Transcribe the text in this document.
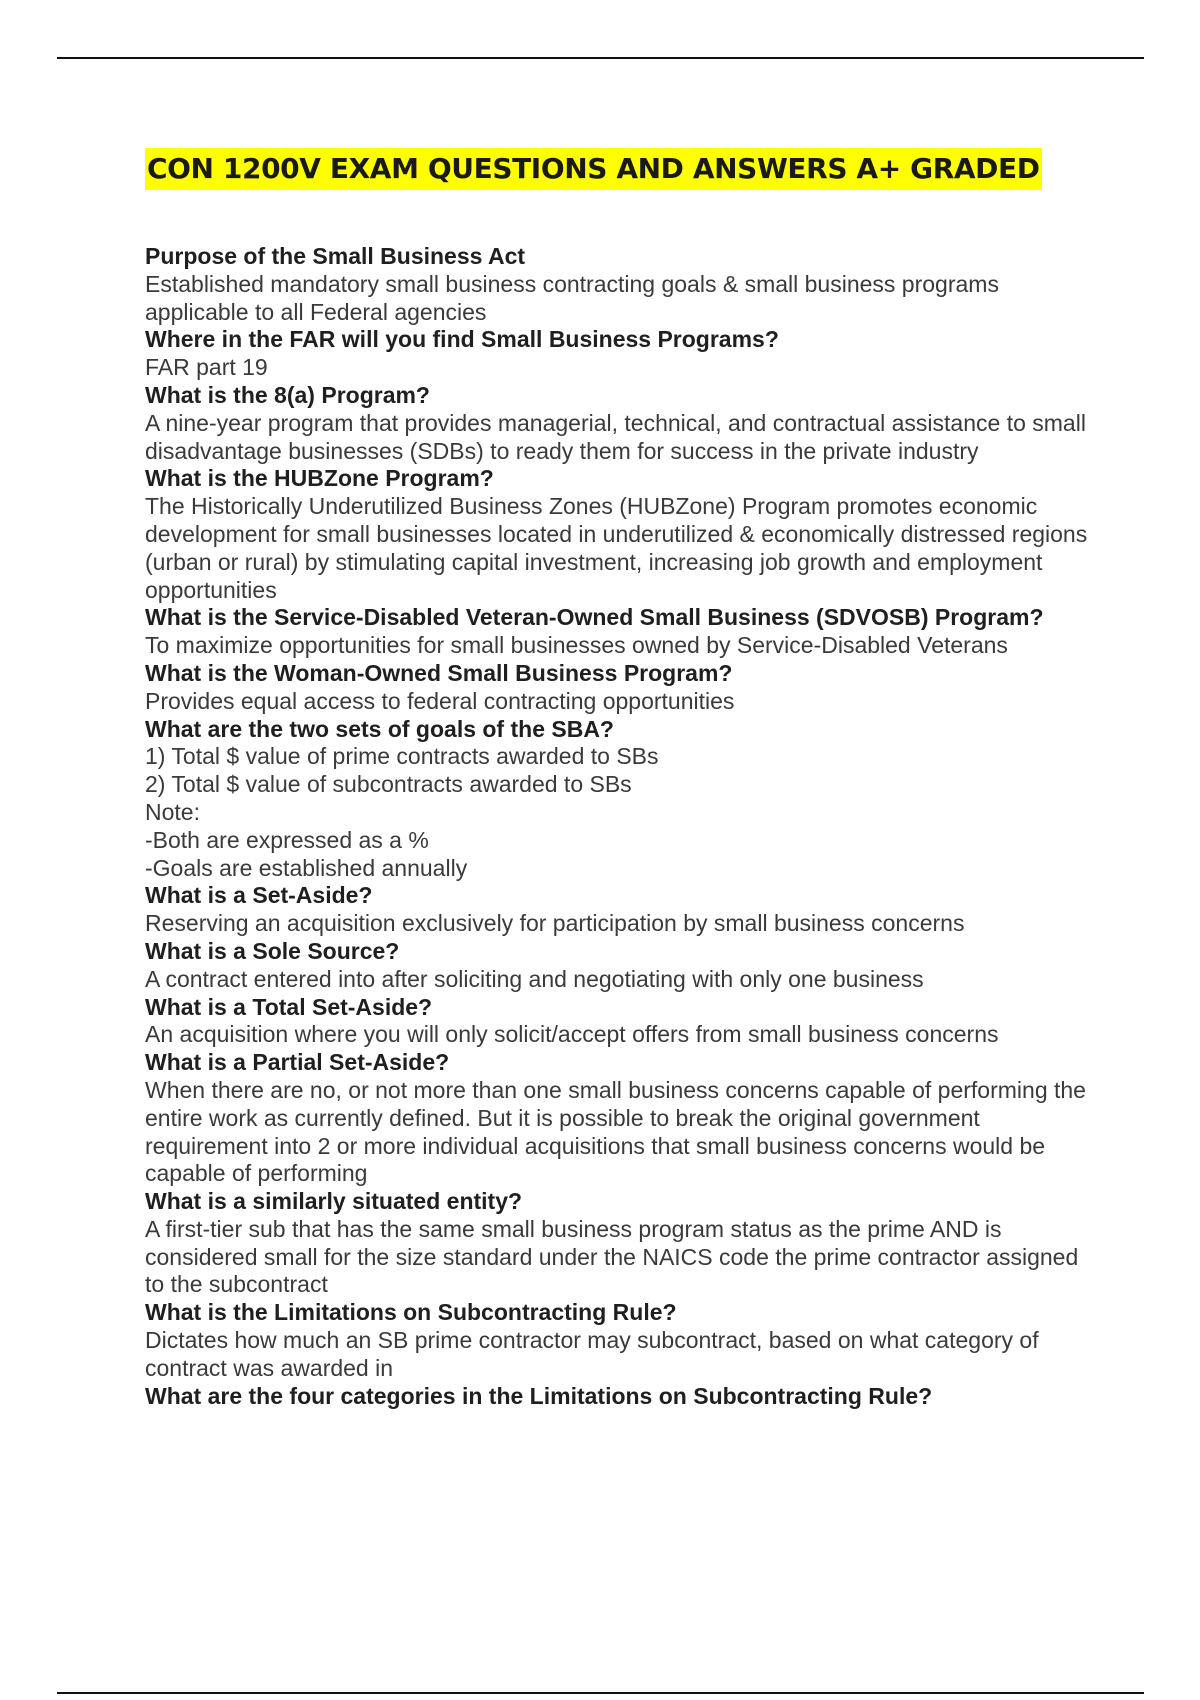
CON 1200V EXAM QUESTIONS AND ANSWERS A+ GRADED
Purpose of the Small Business Act
Established mandatory small business contracting goals & small business programs applicable to all Federal agencies
Where in the FAR will you find Small Business Programs?
FAR part 19
What is the 8(a) Program?
A nine-year program that provides managerial, technical, and contractual assistance to small disadvantage businesses (SDBs) to ready them for success in the private industry
What is the HUBZone Program?
The Historically Underutilized Business Zones (HUBZone) Program promotes economic development for small businesses located in underutilized & economically distressed regions (urban or rural) by stimulating capital investment, increasing job growth and employment opportunities
What is the Service-Disabled Veteran-Owned Small Business (SDVOSB) Program?
To maximize opportunities for small businesses owned by Service-Disabled Veterans
What is the Woman-Owned Small Business Program?
Provides equal access to federal contracting opportunities
What are the two sets of goals of the SBA?
1) Total $ value of prime contracts awarded to SBs
2) Total $ value of subcontracts awarded to SBs
Note:
-Both are expressed as a %
-Goals are established annually
What is a Set-Aside?
Reserving an acquisition exclusively for participation by small business concerns
What is a Sole Source?
A contract entered into after soliciting and negotiating with only one business
What is a Total Set-Aside?
An acquisition where you will only solicit/accept offers from small business concerns
What is a Partial Set-Aside?
When there are no, or not more than one small business concerns capable of performing the entire work as currently defined. But it is possible to break the original government requirement into 2 or more individual acquisitions that small business concerns would be capable of performing
What is a similarly situated entity?
A first-tier sub that has the same small business program status as the prime AND is considered small for the size standard under the NAICS code the prime contractor assigned to the subcontract
What is the Limitations on Subcontracting Rule?
Dictates how much an SB prime contractor may subcontract, based on what category of contract was awarded in
What are the four categories in the Limitations on Subcontracting Rule?
